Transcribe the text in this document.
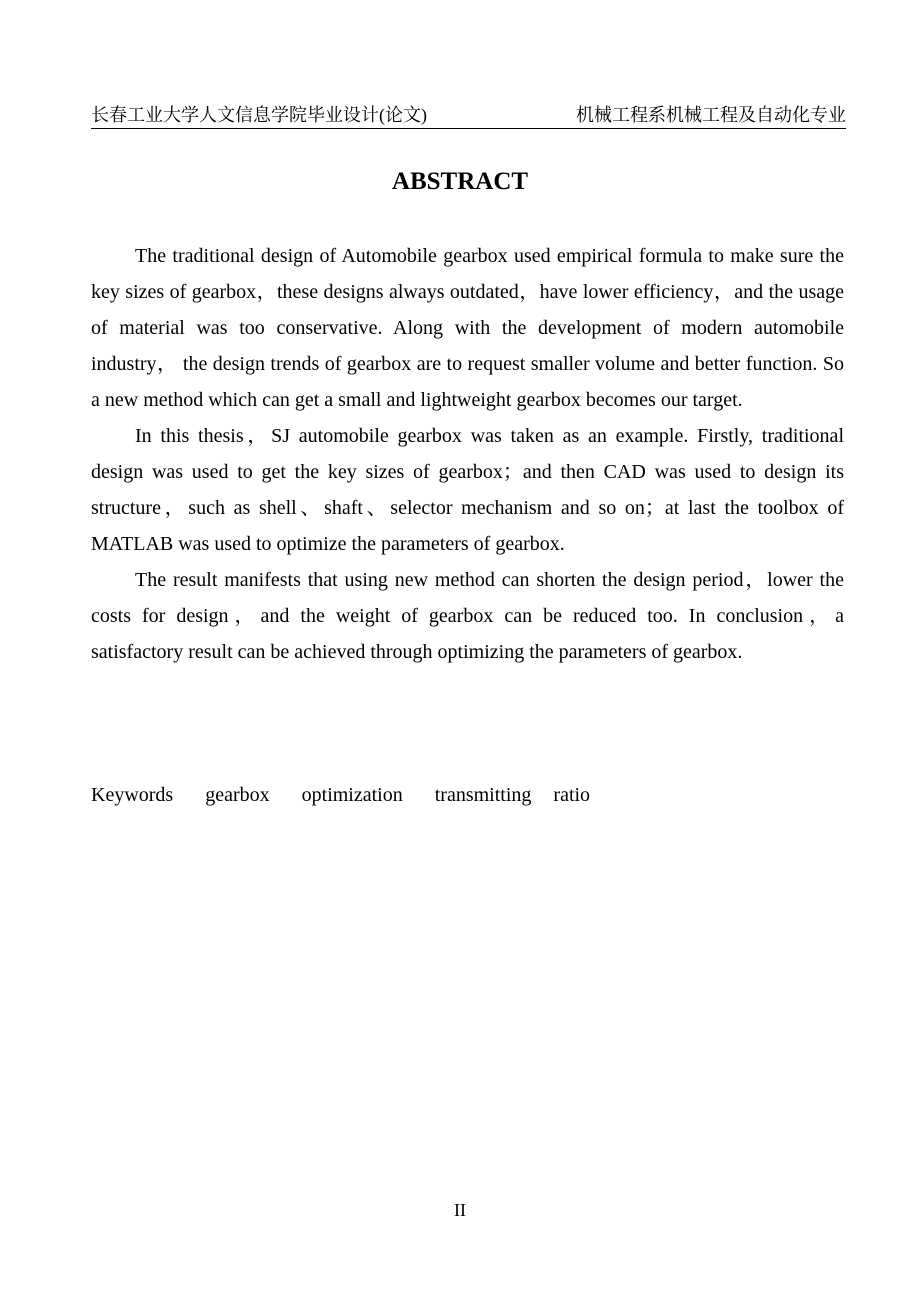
长春工业大学人文信息学院毕业设计(论文)	机械工程系机械工程及自动化专业
ABSTRACT

The traditional design of Automobile gearbox used empirical formula to make sure the key sizes of gearbox，these designs always outdated，have lower efficiency，and the usage of material was too conservative. Along with the development of modern automobile industry， the design trends of gearbox are to request smaller volume and better function. So a new method which can get a small and lightweight gearbox becomes our target.

In this thesis，SJ automobile gearbox was taken as an example. Firstly, traditional design was used to get the key sizes of gearbox；and then CAD was used to design its structure，such as shell、shaft、selector mechanism and so on；at last the toolbox of MATLAB was used to optimize the parameters of gearbox.

The result manifests that using new method can shorten the design period，lower the costs for design，and the weight of gearbox can be reduced too. In conclusion，a satisfactory result can be achieved through optimizing the parameters of gearbox.

Keywords gearbox optimization transmitting ratio
II
